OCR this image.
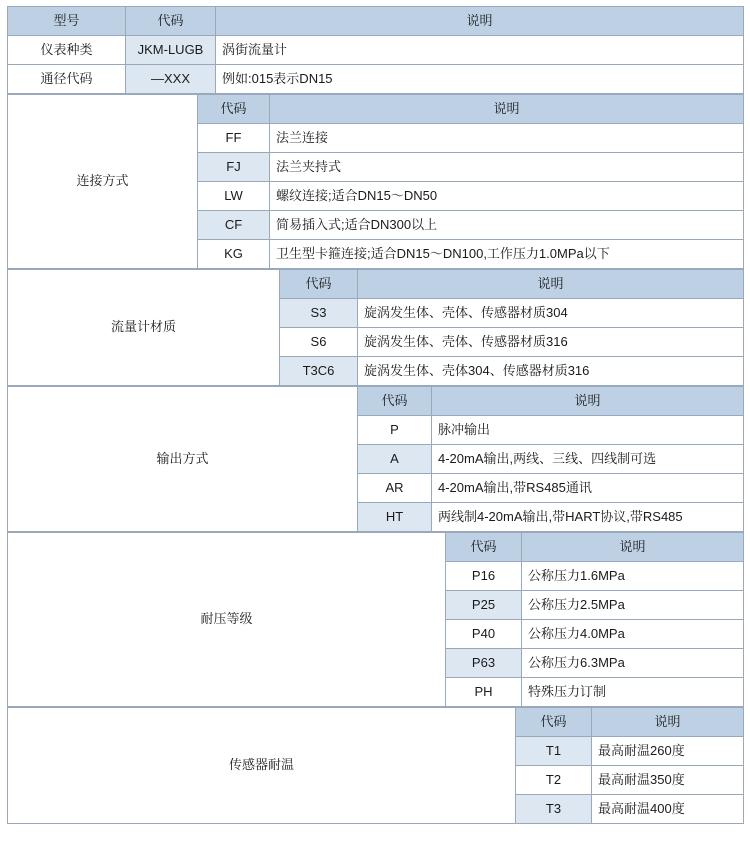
型号	代码	说明
仪表种类	JKM-LUGB	涡街流量计
通径代码	—XXX	例如:015表示DN15
连接方式	代码	说明
	FF	法兰连接
	FJ	法兰夹持式
	LW	螺纹连接;适合DN15～DN50
	CF	简易插入式;适合DN300以上
	KG	卫生型卡箍连接;适合DN15～DN100,工作压力1.0MPa以下
流量计材质	代码	说明
	S3	旋涡发生体、壳体、传感器材质304
	S6	旋涡发生体、壳体、传感器材质316
	T3C6	旋涡发生体、壳体304、传感器材质316
输出方式	代码	说明
	P	脉冲输出
	A	4-20mA输出,两线、三线、四线制可选
	AR	4-20mA输出,带RS485通讯
	HT	两线制4-20mA输出,带HART协议,带RS485
耐压等级	代码	说明
	P16	公称压力1.6MPa
	P25	公称压力2.5MPa
	P40	公称压力4.0MPa
	P63	公称压力6.3MPa
	PH	特殊压力订制
传感器耐温	代码	说明
	T1	最高耐温260度
	T2	最高耐温350度
	T3	最高耐温400度
